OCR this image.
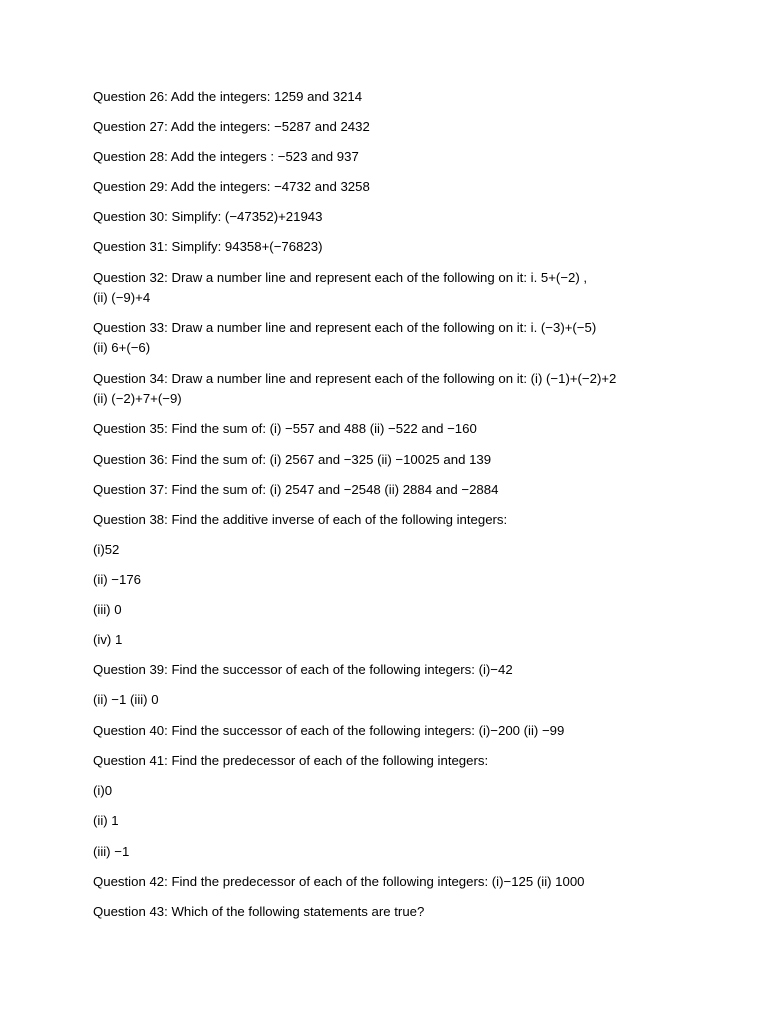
Question 26: Add the integers: 1259 and 3214
Question 27: Add the integers: −5287 and 2432
Question 28: Add the integers : −523 and 937
Question 29: Add the integers: −4732 and 3258
Question 30: Simplify: (−47352)+21943
Question 31: Simplify: 94358+(−76823)
Question 32: Draw a number line and represent each of the following on it: i. 5+(−2) ,
(ii) (−9)+4
Question 33: Draw a number line and represent each of the following on it: i. (−3)+(−5)
(ii) 6+(−6)
Question 34: Draw a number line and represent each of the following on it: (i) (−1)+(−2)+2
(ii) (−2)+7+(−9)
Question 35: Find the sum of: (i) −557 and 488 (ii) −522 and −160
Question 36: Find the sum of: (i) 2567 and −325 (ii) −10025 and 139
Question 37: Find the sum of: (i) 2547 and −2548 (ii) 2884 and −2884
Question 38: Find the additive inverse of each of the following integers:
(i)52
(ii) −176
(iii) 0
(iv) 1
Question 39: Find the successor of each of the following integers: (i)−42
(ii) −1 (iii) 0
Question 40: Find the successor of each of the following integers: (i)−200 (ii) −99
Question 41: Find the predecessor of each of the following integers:
(i)0
(ii) 1
(iii) −1
Question 42: Find the predecessor of each of the following integers: (i)−125 (ii) 1000
Question 43: Which of the following statements are true?
